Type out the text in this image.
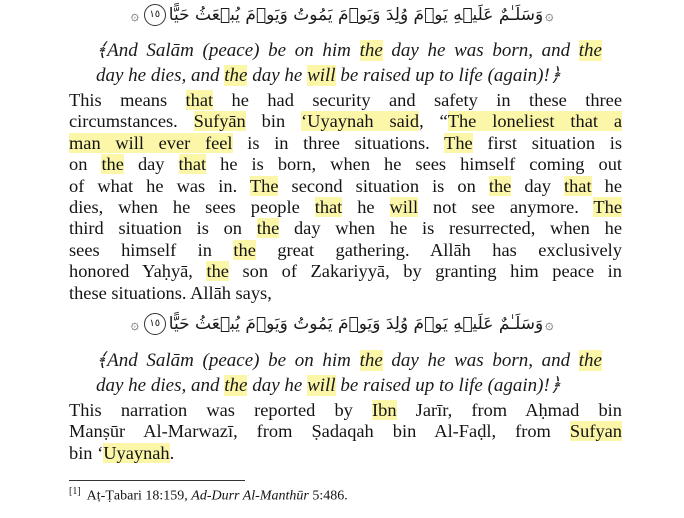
۞وَسَلَـٰمٌ عَلَيۡهِ يَوۡمَ وُلِدَ وَيَوۡمَ يَمُوتُ وَيَوۡمَ يُبۡعَثُ حَيًّا١٥۞
﴾And Salām (peace) be on him the day he was born, and the
day he dies, and the day he will be raised up to life (again)!﴿
This means that he had security and safety in these three
circumstances. Sufyān bin ‘Uyaynah said, “The loneliest that a
man will ever feel is in three situations. The first situation is
on the day that he is born, when he sees himself coming out
of what he was in. The second situation is on the day that he
dies, when he sees people that he will not see anymore. The
third situation is on the day when he is resurrected, when he
sees himself in the great gathering. Allāh has exclusively
honored Yaḥyā, the son of Zakariyyā, by granting him peace in
these situations. Allāh says,
۞وَسَلَـٰمٌ عَلَيۡهِ يَوۡمَ وُلِدَ وَيَوۡمَ يَمُوتُ وَيَوۡمَ يُبۡعَثُ حَيًّا١٥۞
﴾And Salām (peace) be on him the day he was born, and the
day he dies, and the day he will be raised up to life (again)!﴿
This narration was reported by Ibn Jarīr, from Aḥmad bin
Manṣūr Al-Marwazī, from Ṣadaqah bin Al-Faḍl, from Sufyan
bin ‘Uyaynah.
[1] Aṭ-Ṭabari 18:159, Ad-Durr Al-Manthūr 5:486.
